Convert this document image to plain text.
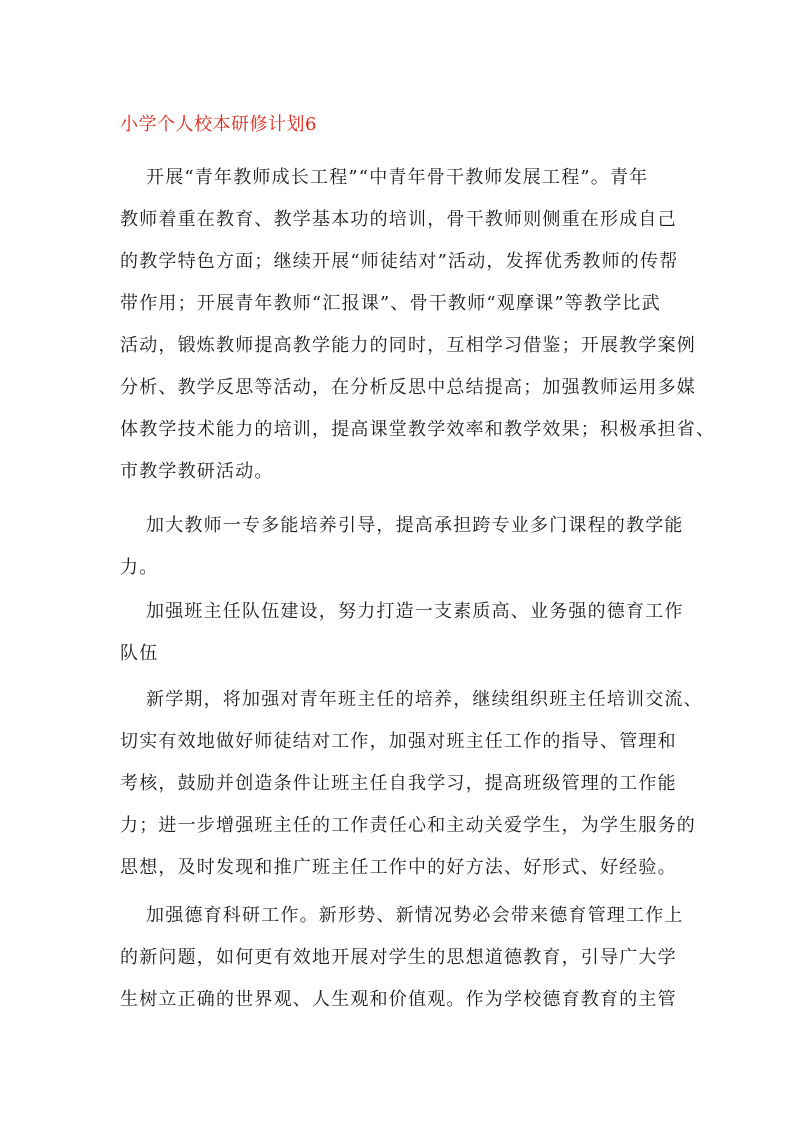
小学个人校本研修计划6
开展“青年教师成长工程”“中青年骨干教师发展工程”。青年
教师着重在教育、教学基本功的培训，骨干教师则侧重在形成自己
的教学特色方面；继续开展“师徒结对”活动，发挥优秀教师的传帮
带作用；开展青年教师“汇报课”、骨干教师“观摩课”等教学比武
活动，锻炼教师提高教学能力的同时，互相学习借鉴；开展教学案例
分析、教学反思等活动，在分析反思中总结提高；加强教师运用多媒
体教学技术能力的培训，提高课堂教学效率和教学效果；积极承担省、
市教学教研活动。
加大教师一专多能培养引导，提高承担跨专业多门课程的教学能
力。
加强班主任队伍建设，努力打造一支素质高、业务强的德育工作
队伍
新学期，将加强对青年班主任的培养，继续组织班主任培训交流、
切实有效地做好师徒结对工作，加强对班主任工作的指导、管理和
考核，鼓励并创造条件让班主任自我学习，提高班级管理的工作能
力；进一步增强班主任的工作责任心和主动关爱学生，为学生服务的
思想，及时发现和推广班主任工作中的好方法、好形式、好经验。
加强德育科研工作。新形势、新情况势必会带来德育管理工作上
的新问题，如何更有效地开展对学生的思想道德教育，引导广大学
生树立正确的世界观、人生观和价值观。作为学校德育教育的主管
